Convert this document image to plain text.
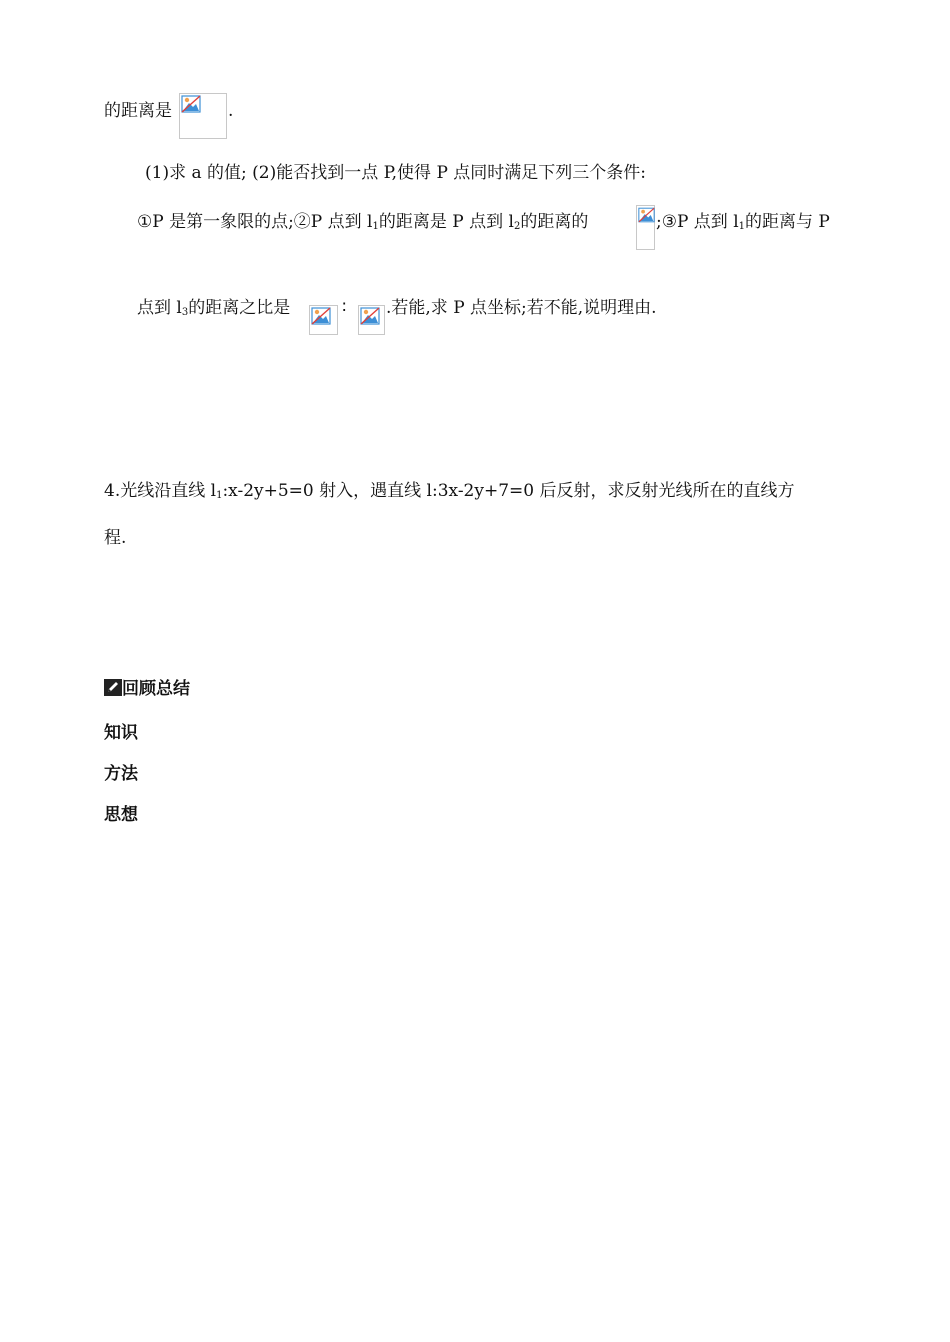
的距离是	.
(1)求 a 的值; (2)能否找到一点 P,使得 P 点同时满足下列三个条件:
①P 是第一象限的点;②P 点到 $l_1$的距离是 P 点到 $l_2$的距离的	;③P 点到 $l_1$的距离与 P
点到 $l_3$的距离之比是	∶ .若能,求 P 点坐标;若不能,说明理由.
4.光线沿直线 $l_1:x-2y+5=0$ 射入，遇直线 l:3x-2y+7=0 后反射，求反射光线所在的直线方
程.
回顾总结
知识
方法
思想
